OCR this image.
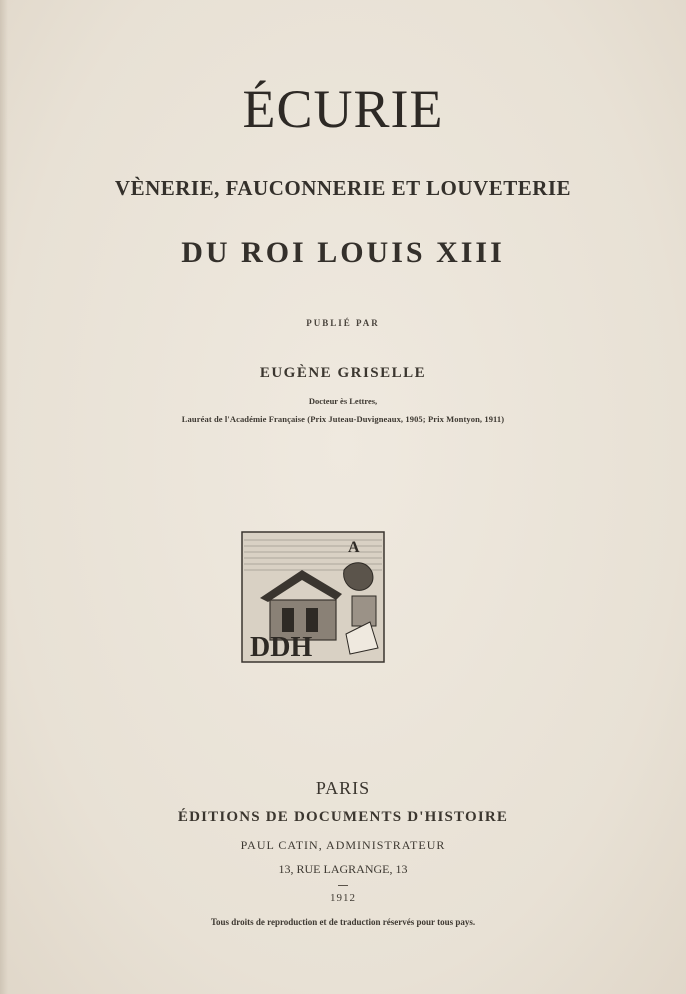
ÉCURIE
VÈNERIE, FAUCONNERIE ET LOUVETERIE
DU ROI LOUIS XIII
PUBLIÉ PAR
EUGÈNE GRISELLE
Docteur ès Lettres,
Lauréat de l'Académie Française (Prix Juteau-Duvigneaux, 1905; Prix Montyon, 1911)
A
DDH
PARIS
ÉDITIONS DE DOCUMENTS D'HISTOIRE
PAUL CATIN, ADMINISTRATEUR
13, RUE LAGRANGE, 13
1912
Tous droits de reproduction et de traduction réservés pour tous pays.
